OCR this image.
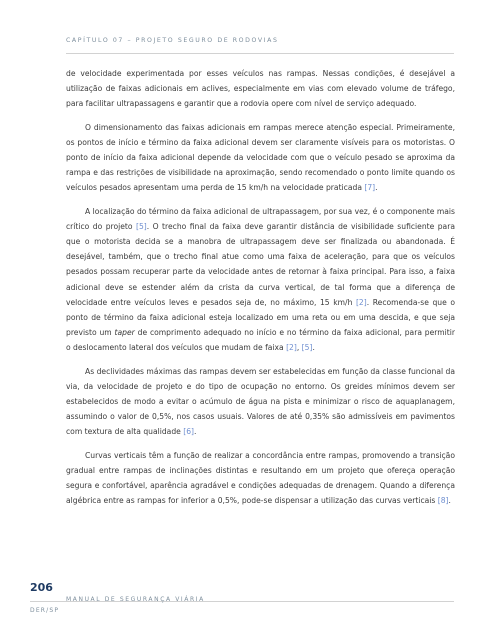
CAPÍTULO 07 – PROJETO SEGURO DE RODOVIAS

de velocidade experimentada por esses veículos nas rampas. Nessas condições, é desejável a utilização de faixas adicionais em aclives, especialmente em vias com elevado volume de tráfego, para facilitar ultrapassagens e garantir que a rodovia opere com nível de serviço adequado.

O dimensionamento das faixas adicionais em rampas merece atenção especial. Primeiramente, os pontos de início e término da faixa adicional devem ser claramente visíveis para os motoristas. O ponto de início da faixa adicional depende da velocidade com que o veículo pesado se aproxima da rampa e das restrições de visibilidade na aproximação, sendo recomendado o ponto limite quando os veículos pesados apresentam uma perda de 15 km/h na velocidade praticada [7].

A localização do término da faixa adicional de ultrapassagem, por sua vez, é o componente mais crítico do projeto [5]. O trecho final da faixa deve garantir distância de visibilidade suficiente para que o motorista decida se a manobra de ultrapassagem deve ser finalizada ou abandonada. É desejável, também, que o trecho final atue como uma faixa de aceleração, para que os veículos pesados possam recuperar parte da velocidade antes de retornar à faixa principal. Para isso, a faixa adicional deve se estender além da crista da curva vertical, de tal forma que a diferença de velocidade entre veículos leves e pesados seja de, no máximo, 15 km/h [2]. Recomenda-se que o ponto de término da faixa adicional esteja localizado em uma reta ou em uma descida, e que seja previsto um taper de comprimento adequado no início e no término da faixa adicional, para permitir o deslocamento lateral dos veículos que mudam de faixa [2], [5].

As declividades máximas das rampas devem ser estabelecidas em função da classe funcional da via, da velocidade de projeto e do tipo de ocupação no entorno. Os greides mínimos devem ser estabelecidos de modo a evitar o acúmulo de água na pista e minimizar o risco de aquaplanagem, assumindo o valor de 0,5%, nos casos usuais. Valores de até 0,35% são admissíveis em pavimentos com textura de alta qualidade [6].

Curvas verticais têm a função de realizar a concordância entre rampas, promovendo a transição gradual entre rampas de inclinações distintas e resultando em um projeto que ofereça operação segura e confortável, aparência agradável e condições adequadas de drenagem. Quando a diferença algébrica entre as rampas for inferior a 0,5%, pode-se dispensar a utilização das curvas verticais [8].

206
MANUAL DE SEGURANÇA VIÁRIA
DER/SP
